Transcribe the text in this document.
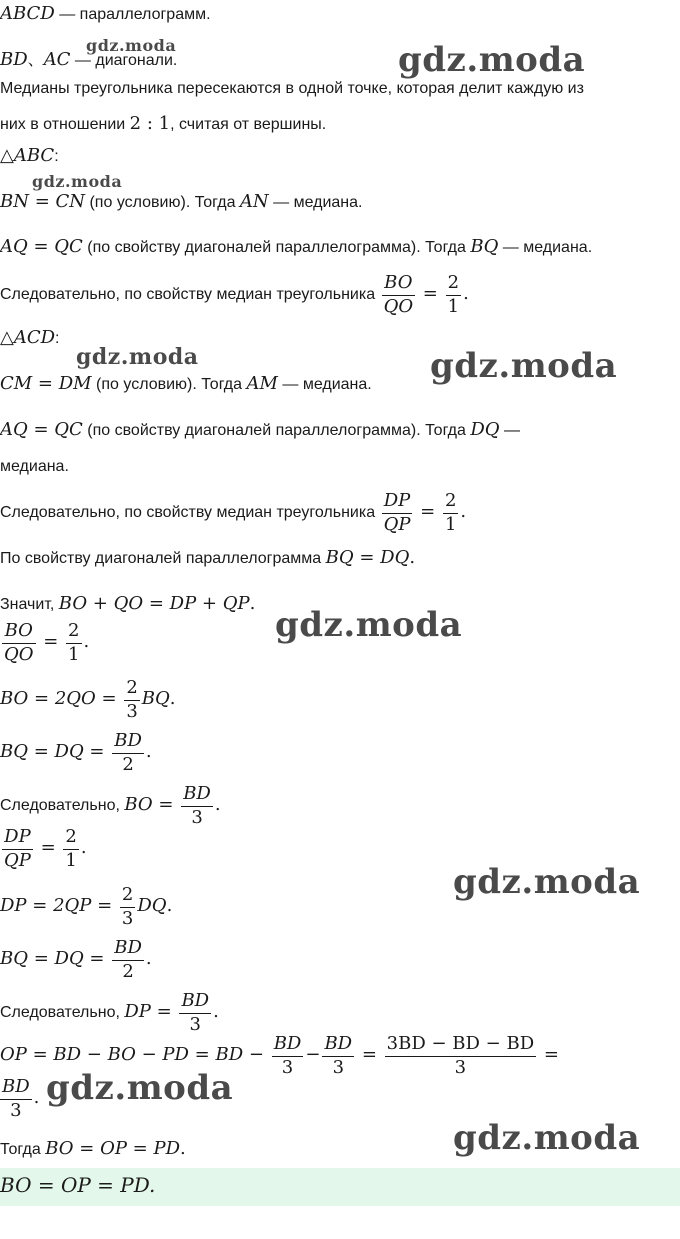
ABCD — параллелограмм.
BD、AC — диагонали.
Медианы треугольника пересекаются в одной точке, которая делит каждую из
них в отношении 2 : 1, считая от вершины.
△ABC:
BN = CN (по условию). Тогда AN — медиана.
AQ = QC (по свойству диагоналей параллелограмма). Тогда BQ — медиана.
Следовательно, по свойству медиан треугольника $\frac{BO}{QO} = \frac{2}{1}$ .
△ACD:
CM = DM (по условию). Тогда AM — медиана.
AQ = QC (по свойству диагоналей параллелограмма). Тогда DQ —
медиана.
Следовательно, по свойству медиан треугольника $\frac{DP}{QP} = \frac{2}{1}$ .
По свойству диагоналей параллелограмма BQ = DQ.
Значит, BO + QO = DP + QP.
$\frac{BO}{QO} = \frac{2}{1}$ .
BO = $2QO = \frac{2}{3}$ BQ.
BQ = DQ = $\frac{BD}{2}$ .
Следовательно, BO = $\frac{BD}{3}$ .
$\frac{DP}{QP} = \frac{2}{1}$ .
DP = $2QP = \frac{2}{3}$ DQ.
BQ = DQ = $\frac{BD}{2}$ .
Следовательно, DP = $\frac{BD}{3}$ .
OP = BD − BO − PD = BD − $\frac{BD}{3} - \frac{BD}{3} = \frac{3BD - BD - BD}{3}$ =
$\frac{BD}{3}$ .
Тогда BO = OP = PD.
BO = OP = PD.
gdz.moda	gdz.moda
gdz.moda
gdz.moda	gdz.moda
gdz.moda
gdz.moda
gdz.moda
gdz.moda
